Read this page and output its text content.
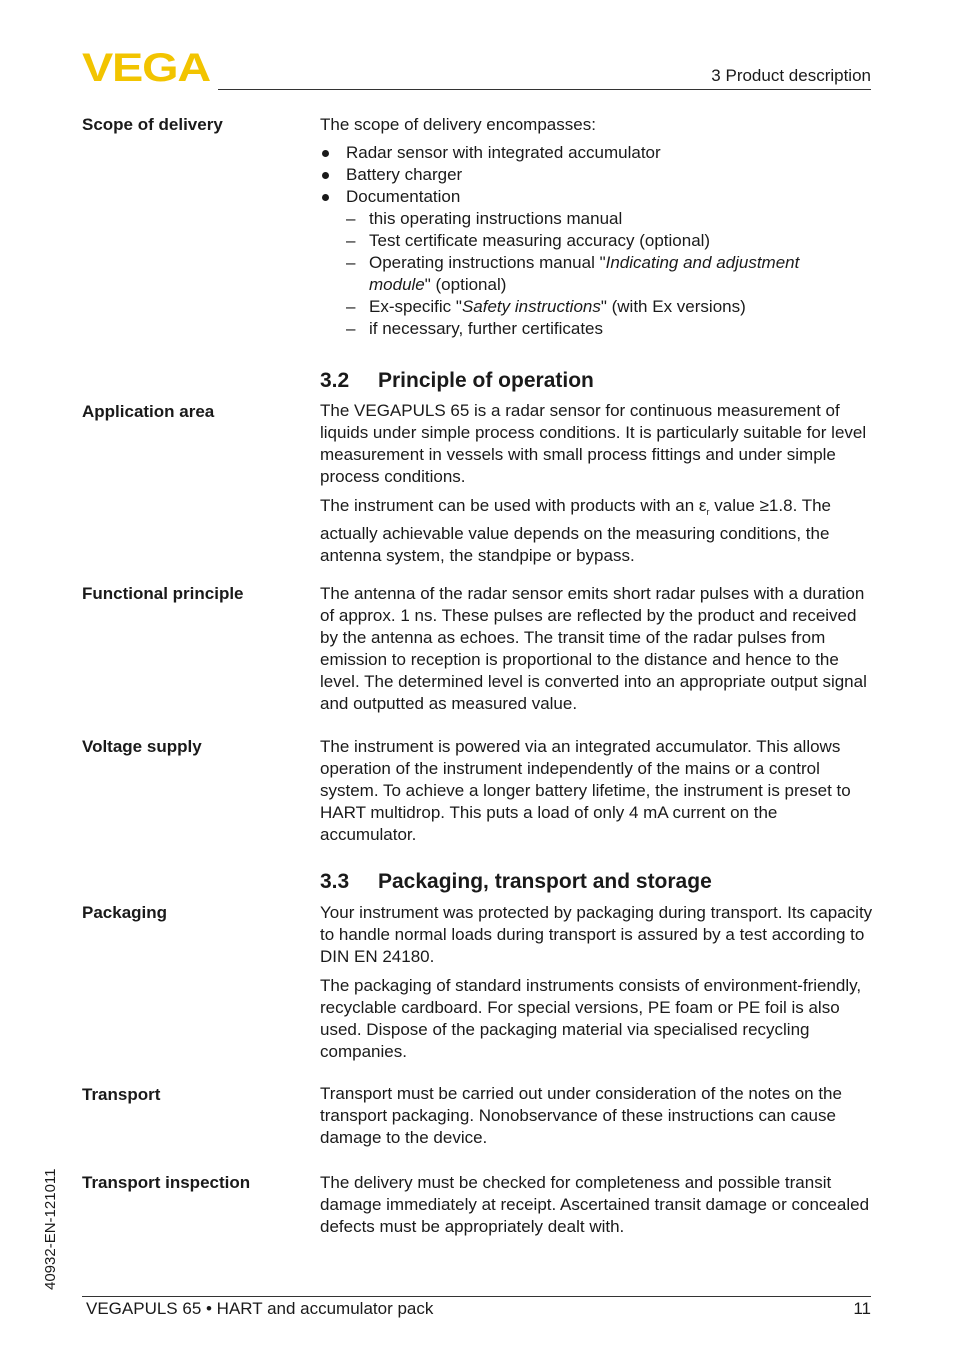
VEGA	3 Product description
Scope of delivery	The scope of delivery encompasses:

Radar sensor with integrated accumulator
Battery charger
Documentation
– this operating instructions manual
– Test certificate measuring accuracy (optional)
– Operating instructions manual "Indicating and adjustment
module" (optional)
– Ex-specific "Safety instructions" (with Ex versions)
– if necessary, further certificates
3.2 Principle of operation
Application area	The VEGAPULS 65 is a radar sensor for continuous measurement of liquids under simple process conditions. It is particularly suitable for level measurement in vessels with small process fittings and under simple process conditions.

The instrument can be used with products with an $\varepsilon_r$ value ≥1.8. The actually achievable value depends on the measuring conditions, the antenna system, the standpipe or bypass.

Functional principle	The antenna of the radar sensor emits short radar pulses with a duration of approx. 1 ns. These pulses are reflected by the product and received by the antenna as echoes. The transit time of the radar pulses from emission to reception is proportional to the distance and hence to the level. The determined level is converted into an appropriate output signal and outputted as measured value.

Voltage supply	The instrument is powered via an integrated accumulator. This allows operation of the instrument independently of the mains or a control system. To achieve a longer battery lifetime, the instrument is preset to HART multidrop. This puts a load of only 4 mA current on the accumulator.

3.3 Packaging, transport and storage
Packaging	Your instrument was protected by packaging during transport. Its capacity to handle normal loads during transport is assured by a test according to DIN EN 24180.

The packaging of standard instruments consists of environment-friendly, recyclable cardboard. For special versions, PE foam or PE foil is also used. Dispose of the packaging material via specialised recycling companies.

Transport	Transport must be carried out under consideration of the notes on the transport packaging. Nonobservance of these instructions can cause damage to the device.

Transport inspection	The delivery must be checked for completeness and possible transit damage immediately at receipt. Ascertained transit damage or concealed defects must be appropriately dealt with.

40932-EN-121011
VEGAPULS 65 • HART and accumulator pack	11
